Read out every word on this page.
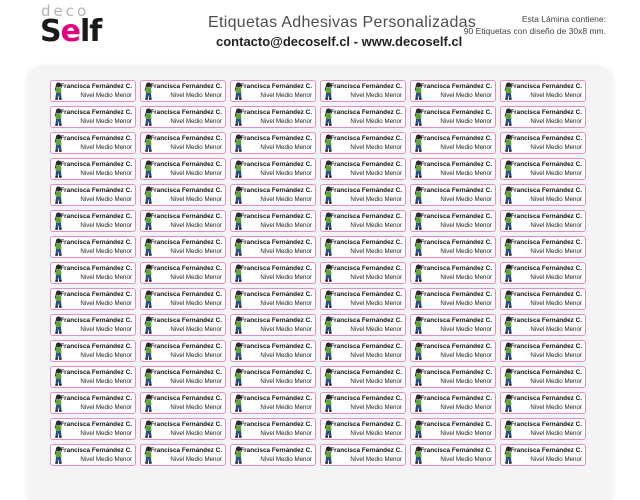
deco
Self	Etiquetas Adhesivas Personalizadas
contacto@decoself.cl - www.decoself.cl
Esta Lámina contiene:
90 Etiquetas con diseño de 30x8 mm.
Francisca Fernández C.
Nivel Medio Menor
Francisca Fernández C.
Nivel Medio Menor
Francisca Fernández C.
Nivel Medio Menor
Francisca Fernández C.
Nivel Medio Menor
Francisca Fernández C.
Nivel Medio Menor
Francisca Fernández C.
Nivel Medio Menor
Francisca Fernández C.
Nivel Medio Menor
Francisca Fernández C.
Nivel Medio Menor
Francisca Fernández C.
Nivel Medio Menor
Francisca Fernández C.
Nivel Medio Menor
Francisca Fernández C.
Nivel Medio Menor
Francisca Fernández C.
Nivel Medio Menor
Francisca Fernández C.
Nivel Medio Menor
Francisca Fernández C.
Nivel Medio Menor
Francisca Fernández C.
Nivel Medio Menor
Francisca Fernández C.
Nivel Medio Menor
Francisca Fernández C.
Nivel Medio Menor
Francisca Fernández C.
Nivel Medio Menor
Francisca Fernández C.
Nivel Medio Menor
Francisca Fernández C.
Nivel Medio Menor
Francisca Fernández C.
Nivel Medio Menor
Francisca Fernández C.
Nivel Medio Menor
Francisca Fernández C.
Nivel Medio Menor
Francisca Fernández C.
Nivel Medio Menor
Francisca Fernández C.
Nivel Medio Menor
Francisca Fernández C.
Nivel Medio Menor
Francisca Fernández C.
Nivel Medio Menor
Francisca Fernández C.
Nivel Medio Menor
Francisca Fernández C.
Nivel Medio Menor
Francisca Fernández C.
Nivel Medio Menor
Francisca Fernández C.
Nivel Medio Menor
Francisca Fernández C.
Nivel Medio Menor
Francisca Fernández C.
Nivel Medio Menor
Francisca Fernández C.
Nivel Medio Menor
Francisca Fernández C.
Nivel Medio Menor
Francisca Fernández C.
Nivel Medio Menor
Francisca Fernández C.
Nivel Medio Menor
Francisca Fernández C.
Nivel Medio Menor
Francisca Fernández C.
Nivel Medio Menor
Francisca Fernández C.
Nivel Medio Menor
Francisca Fernández C.
Nivel Medio Menor
Francisca Fernández C.
Nivel Medio Menor
Francisca Fernández C.
Nivel Medio Menor
Francisca Fernández C.
Nivel Medio Menor
Francisca Fernández C.
Nivel Medio Menor
Francisca Fernández C.
Nivel Medio Menor
Francisca Fernández C.
Nivel Medio Menor
Francisca Fernández C.
Nivel Medio Menor
Francisca Fernández C.
Nivel Medio Menor
Francisca Fernández C.
Nivel Medio Menor
Francisca Fernández C.
Nivel Medio Menor
Francisca Fernández C.
Nivel Medio Menor
Francisca Fernández C.
Nivel Medio Menor
Francisca Fernández C.
Nivel Medio Menor
Francisca Fernández C.
Nivel Medio Menor
Francisca Fernández C.
Nivel Medio Menor
Francisca Fernández C.
Nivel Medio Menor
Francisca Fernández C.
Nivel Medio Menor
Francisca Fernández C.
Nivel Medio Menor
Francisca Fernández C.
Nivel Medio Menor
Francisca Fernández C.
Nivel Medio Menor
Francisca Fernández C.
Nivel Medio Menor
Francisca Fernández C.
Nivel Medio Menor
Francisca Fernández C.
Nivel Medio Menor
Francisca Fernández C.
Nivel Medio Menor
Francisca Fernández C.
Nivel Medio Menor
Francisca Fernández C.
Nivel Medio Menor
Francisca Fernández C.
Nivel Medio Menor
Francisca Fernández C.
Nivel Medio Menor
Francisca Fernández C.
Nivel Medio Menor
Francisca Fernández C.
Nivel Medio Menor
Francisca Fernández C.
Nivel Medio Menor
Francisca Fernández C.
Nivel Medio Menor
Francisca Fernández C.
Nivel Medio Menor
Francisca Fernández C.
Nivel Medio Menor
Francisca Fernández C.
Nivel Medio Menor
Francisca Fernández C.
Nivel Medio Menor
Francisca Fernández C.
Nivel Medio Menor
Francisca Fernández C.
Nivel Medio Menor
Francisca Fernández C.
Nivel Medio Menor
Francisca Fernández C.
Nivel Medio Menor
Francisca Fernández C.
Nivel Medio Menor
Francisca Fernández C.
Nivel Medio Menor
Francisca Fernández C.
Nivel Medio Menor
Francisca Fernández C.
Nivel Medio Menor
Francisca Fernández C.
Nivel Medio Menor
Francisca Fernández C.
Nivel Medio Menor
Francisca Fernández C.
Nivel Medio Menor
Francisca Fernández C.
Nivel Medio Menor
Francisca Fernández C.
Nivel Medio Menor
